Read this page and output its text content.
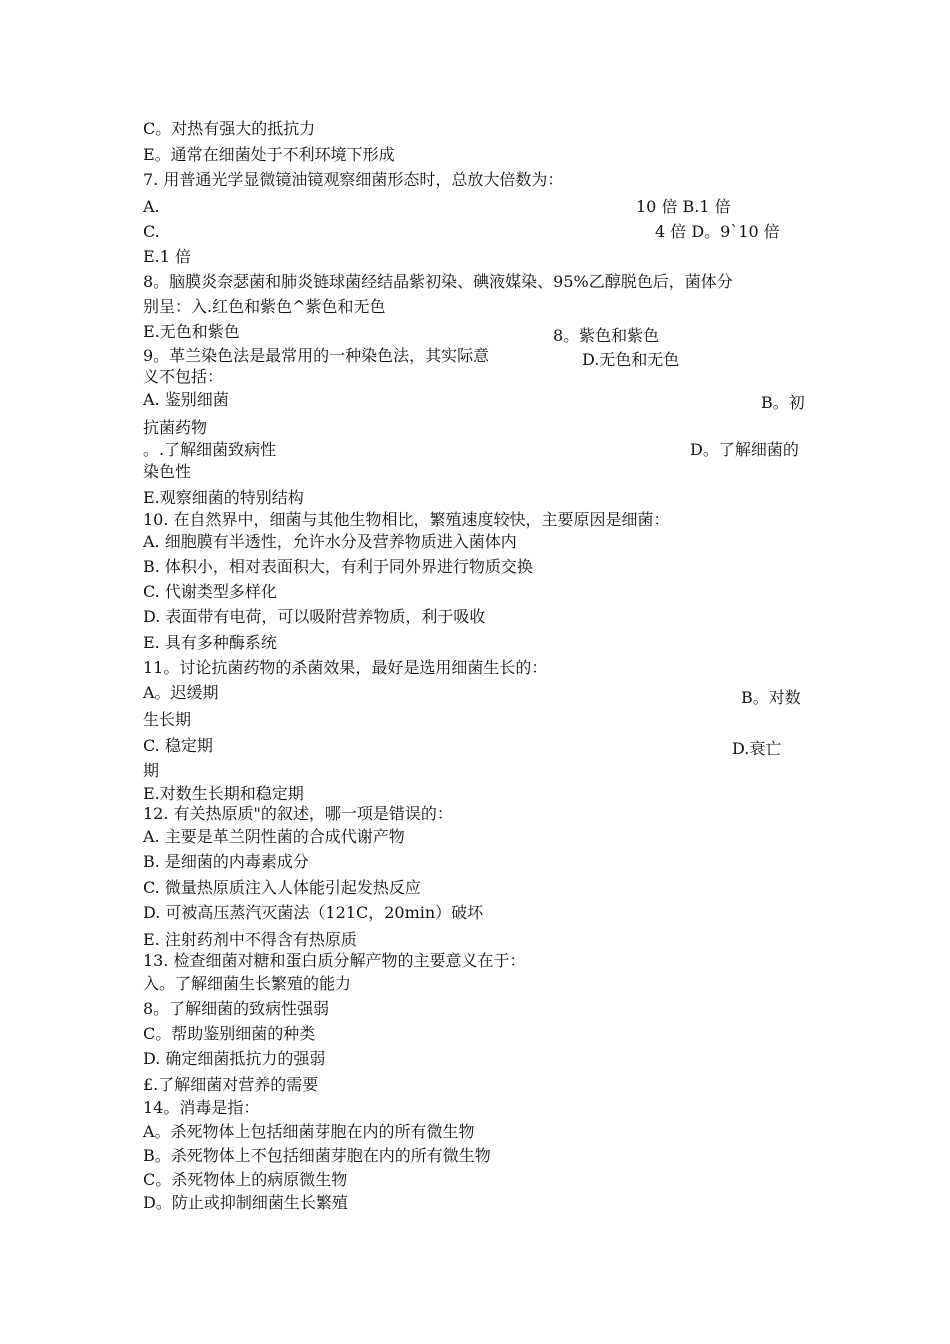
C。对热有强大的抵抗力
E。通常在细菌处于不利环境下形成
7. 用普通光学显微镜油镜观察细菌形态时，总放大倍数为：
A.	10 倍 B.1 倍
C.	4 倍 D。9`10 倍
E.1 倍
8。脑膜炎奈瑟菌和肺炎链球菌经结晶紫初染、碘液媒染、95%乙醇脱色后，菌体分
别呈：入.红色和紫色^紫色和无色
E.无色和紫色	8。紫色和紫色
9。革兰染色法是最常用的一种染色法，其实际意	D.无色和无色
义不包括：
A. 鉴别细菌	B。初
抗菌药物
。.了解细菌致病性	D。了解细菌的
染色性
E.观察细菌的特别结构
10. 在自然界中，细菌与其他生物相比，繁殖速度较快，主要原因是细菌：
A. 细胞膜有半透性，允许水分及营养物质进入菌体内
B. 体积小，相对表面积大，有利于同外界进行物质交换
C. 代谢类型多样化
D. 表面带有电荷，可以吸附营养物质，利于吸收
E. 具有多种酶系统
11。讨论抗菌药物的杀菌效果，最好是选用细菌生长的：
A。迟缓期	B。对数
生长期
C. 稳定期	D.衰亡
期
E.对数生长期和稳定期
12. 有关热原质"的叙述，哪一项是错误的：
A. 主要是革兰阴性菌的合成代谢产物
B. 是细菌的内毒素成分
C. 微量热原质注入人体能引起发热反应
D. 可被高压蒸汽灭菌法（121C，20min）破坏
E. 注射药剂中不得含有热原质
13. 检查细菌对糖和蛋白质分解产物的主要意义在于：
入。了解细菌生长繁殖的能力
8。了解细菌的致病性强弱
C。帮助鉴别细菌的种类
D. 确定细菌抵抗力的强弱
£.了解细菌对营养的需要
14。消毒是指：
A。杀死物体上包括细菌芽胞在内的所有微生物
B。杀死物体上不包括细菌芽胞在内的所有微生物
C。杀死物体上的病原微生物
D。防止或抑制细菌生长繁殖
